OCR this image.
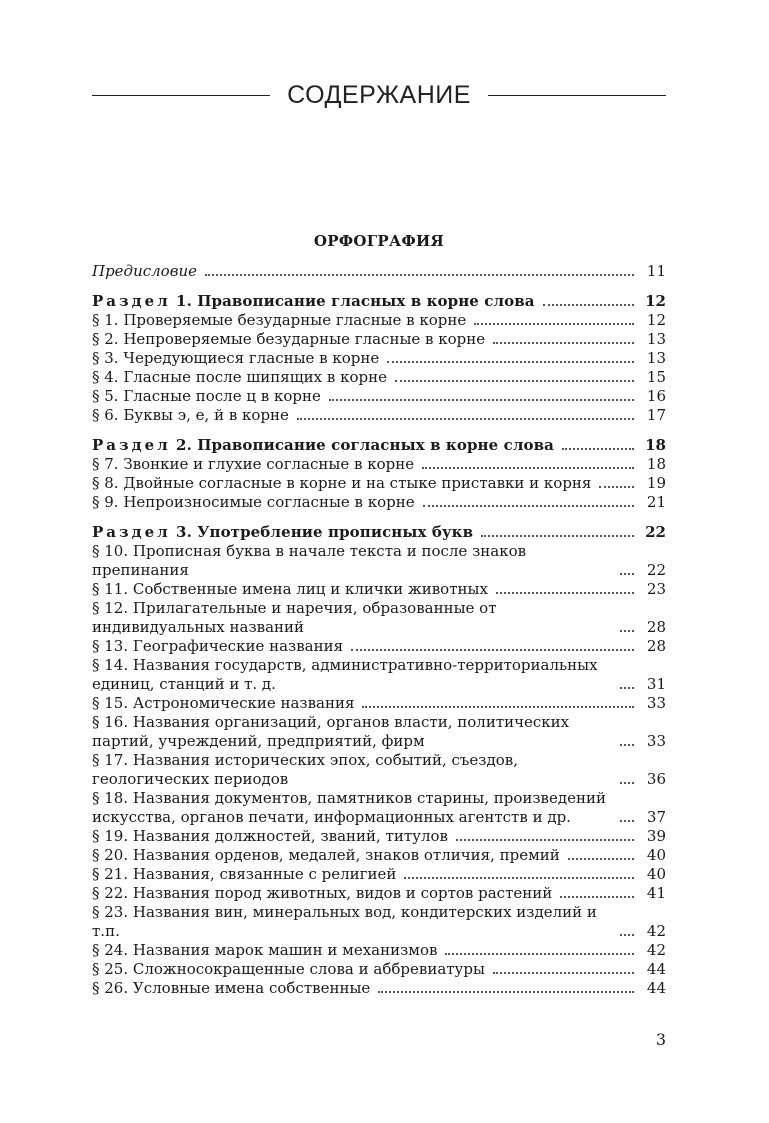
СОДЕРЖАНИЕ
ОРФОГРАФИЯ
Предисловие	11
Раздел 1. Правописание гласных в корне слова	12
§ 1. Проверяемые безударные гласные в корне	12
§ 2. Непроверяемые безударные гласные в корне	13
§ 3. Чередующиеся гласные в корне	13
§ 4. Гласные после шипящих в корне	15
§ 5. Гласные после ц в корне	16
§ 6. Буквы э, е, й в корне	17
Раздел 2. Правописание согласных в корне слова	18
§ 7. Звонкие и глухие согласные в корне	18
§ 8. Двойные согласные в корне и на стыке приставки и корня	19
§ 9. Непроизносимые согласные в корне	21
Раздел 3. Употребление прописных букв	22
§ 10. Прописная буква в начале текста и после знаков препинания	22
§ 11. Собственные имена лиц и клички животных	23
§ 12. Прилагательные и наречия, образованные от индивидуальных названий	28
§ 13. Географические названия	28
§ 14. Названия государств, административно-территориальных единиц, станций и т. д.	31
§ 15. Астрономические названия	33
§ 16. Названия организаций, органов власти, политических партий, учреждений, предприятий, фирм	33
§ 17. Названия исторических эпох, событий, съездов, геологических периодов	36
§ 18. Названия документов, памятников старины, произведений искусства, органов печати, информационных агентств и др.	37
§ 19. Названия должностей, званий, титулов	39
§ 20. Названия орденов, медалей, знаков отличия, премий	40
§ 21. Названия, связанные с религией	40
§ 22. Названия пород животных, видов и сортов растений	41
§ 23. Названия вин, минеральных вод, кондитерских изделий и т.п.	42
§ 24. Названия марок машин и механизмов	42
§ 25. Сложносокращенные слова и аббревиатуры	44
§ 26. Условные имена собственные	44
3
